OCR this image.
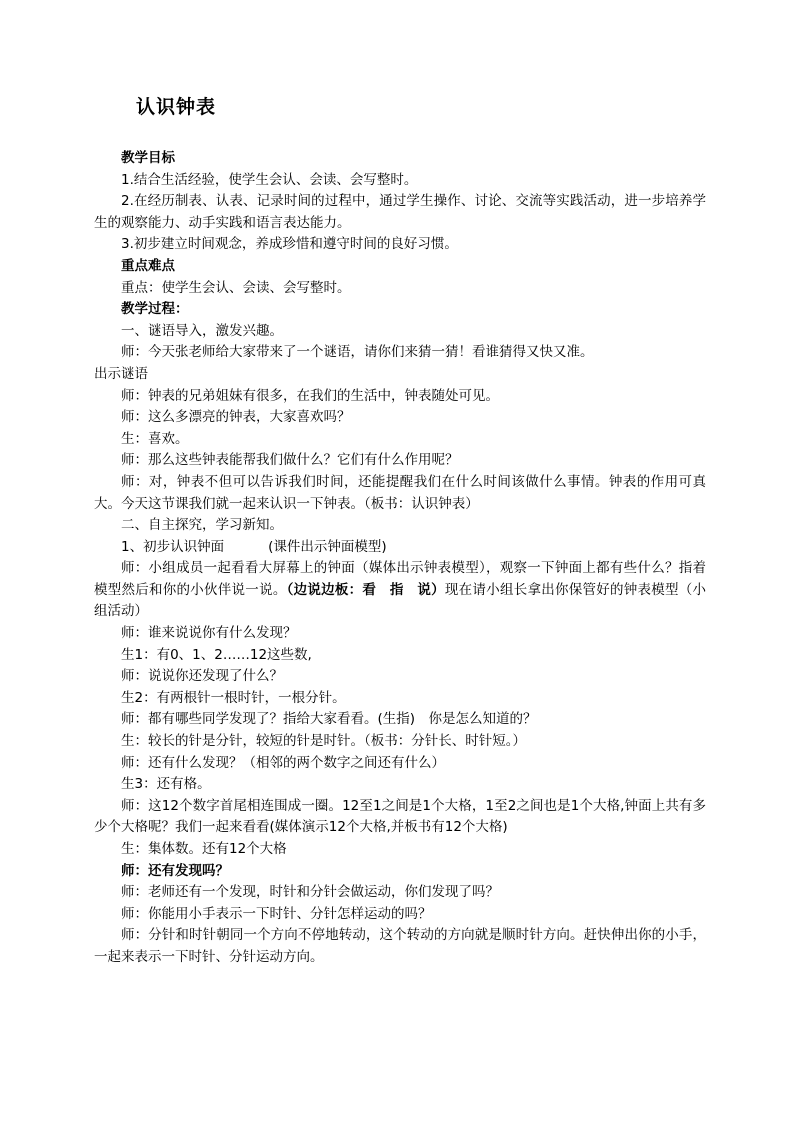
认识钟表

教学目标

1.结合生活经验，使学生会认、会读、会写整时。

2.在经历制表、认表、记录时间的过程中，通过学生操作、讨论、交流等实践活动，进一步培养学生的观察能力、动手实践和语言表达能力。

3.初步建立时间观念，养成珍惜和遵守时间的良好习惯。

重点难点

重点：使学生会认、会读、会写整时。

教学过程：

一、谜语导入，激发兴趣。

师：今天张老师给大家带来了一个谜语，请你们来猜一猜！看谁猜得又快又准。

出示谜语

师：钟表的兄弟姐妹有很多，在我们的生活中，钟表随处可见。

师：这么多漂亮的钟表，大家喜欢吗？

生：喜欢。

师：那么这些钟表能帮我们做什么？它们有什么作用呢？

师：对，钟表不但可以告诉我们时间，还能提醒我们在什么时间该做什么事情。钟表的作用可真大。今天这节课我们就一起来认识一下钟表。（板书：认识钟表）

二、自主探究，学习新知。

1、初步认识钟面	(课件出示钟面模型)

师：小组成员一起看看大屏幕上的钟面（媒体出示钟表模型），观察一下钟面上都有些什么？指着模型然后和你的小伙伴说一说。（边说边板：看　指　说）现在请小组长拿出你保管好的钟表模型（小组活动）

师：谁来说说你有什么发现？

生1：有0、1、2……12这些数,

师：说说你还发现了什么？

生2：有两根针一根时针，一根分针。

师：都有哪些同学发现了？指给大家看看。(生指)　你是怎么知道的？

生：较长的针是分针，较短的针是时针。（板书：分针长、时针短。）

师：还有什么发现？（相邻的两个数字之间还有什么）

生3：还有格。

师：这12个数字首尾相连围成一圈。12至1之间是1个大格，1至2之间也是1个大格,钟面上共有多少个大格呢？我们一起来看看(媒体演示12个大格,并板书有12个大格)

生：集体数。还有12个大格

师：还有发现吗？

师：老师还有一个发现，时针和分针会做运动，你们发现了吗？

师：你能用小手表示一下时针、分针怎样运动的吗？

师：分针和时针朝同一个方向不停地转动，这个转动的方向就是顺时针方向。赶快伸出你的小手，一起来表示一下时针、分针运动方向。
